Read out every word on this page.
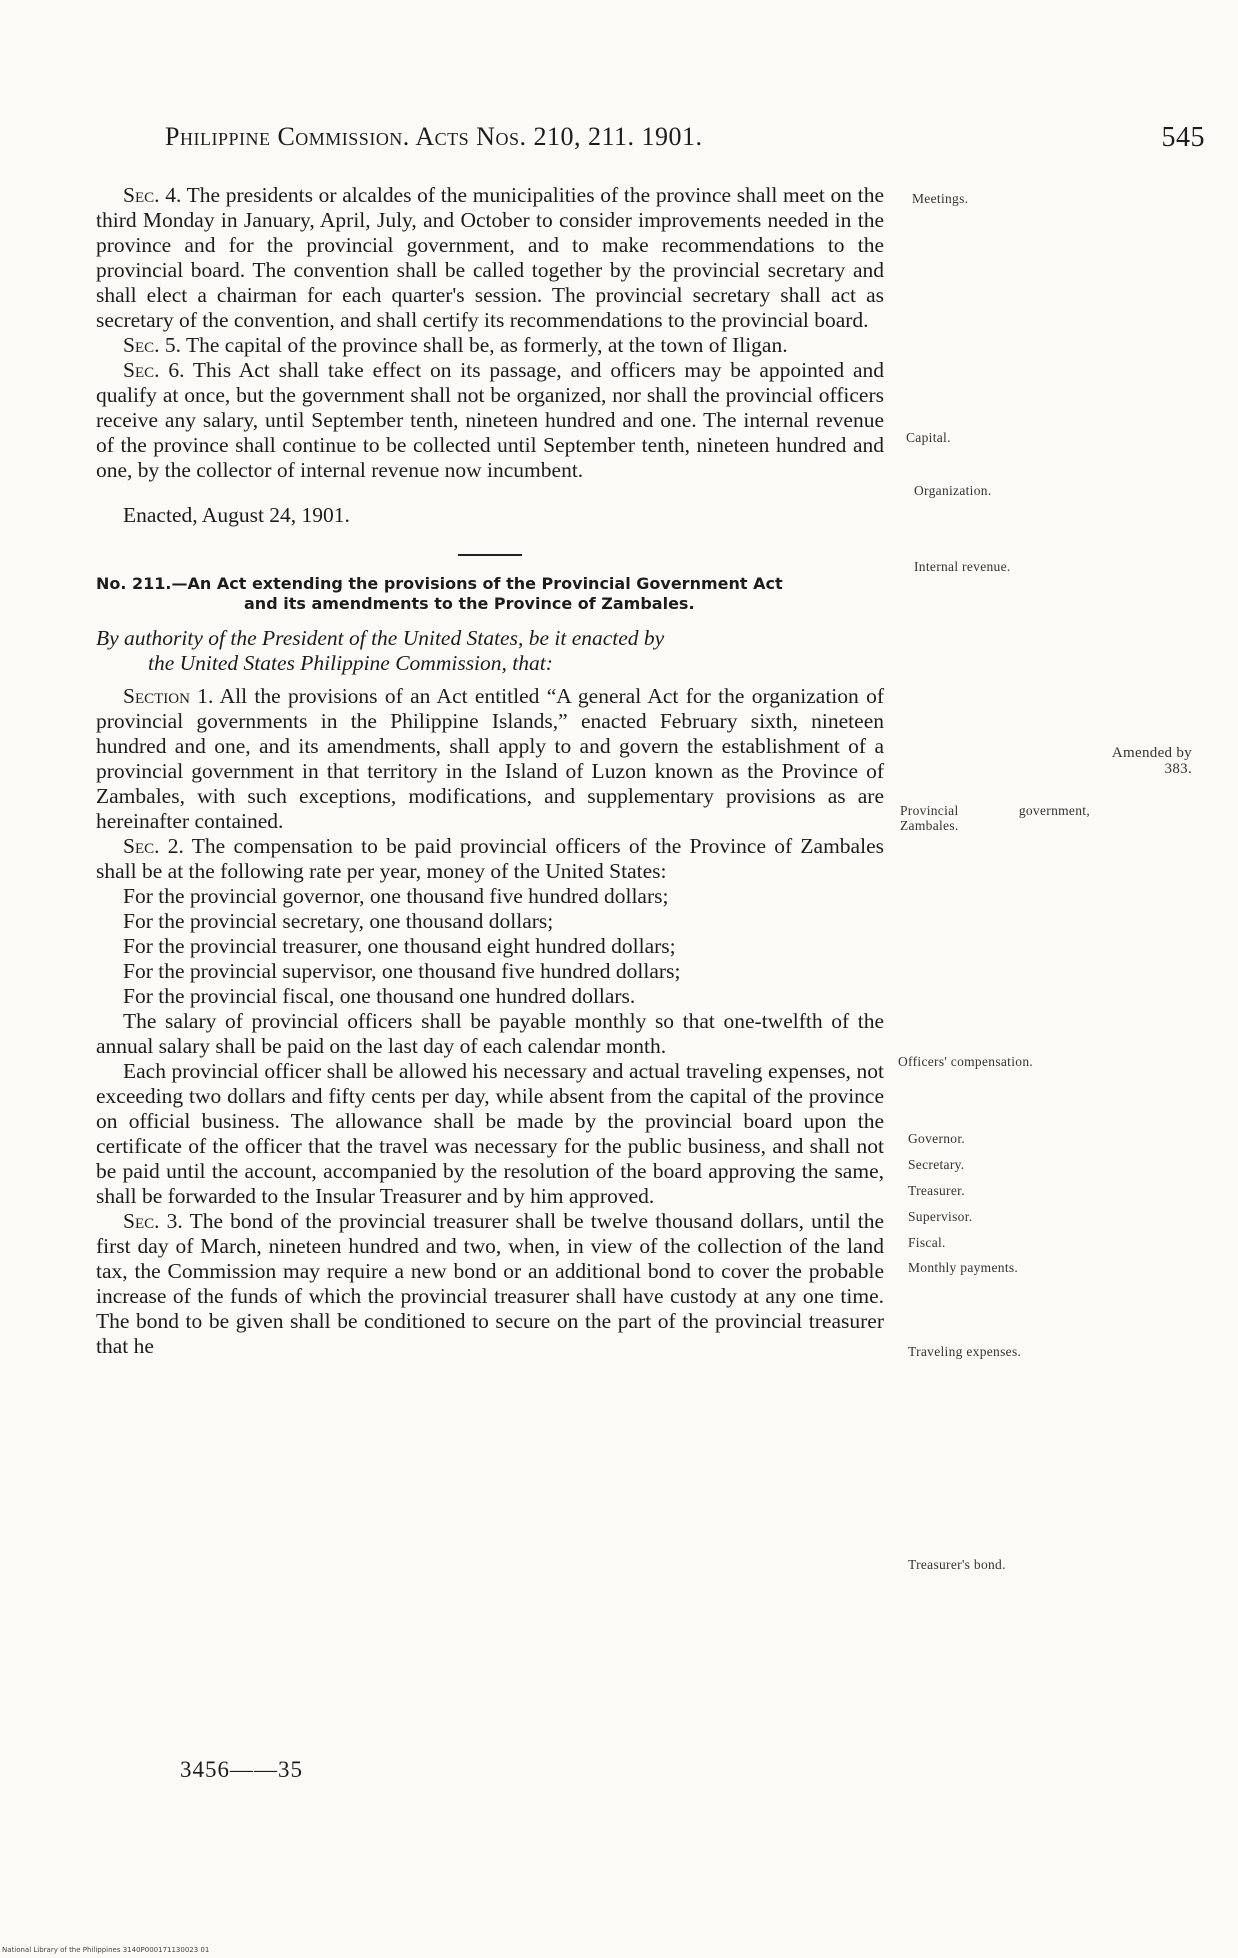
Philippine Commission. Acts Nos. 210, 211. 1901.	545

Sec. 4. The presidents or alcaldes of the municipalities of the province shall meet on the third Monday in January, April, July, and October to consider improvements needed in the province and for the provincial government, and to make recommendations to the provincial board. The convention shall be called together by the provincial secretary and shall elect a chairman for each quarter's session. The provincial secretary shall act as secretary of the convention, and shall certify its recommendations to the provincial board.

Sec. 5. The capital of the province shall be, as formerly, at the town of Iligan.

Sec. 6. This Act shall take effect on its passage, and officers may be appointed and qualify at once, but the government shall not be organized, nor shall the provincial officers receive any salary, until September tenth, nineteen hundred and one. The internal revenue of the province shall continue to be collected until September tenth, nineteen hundred and one, by the collector of internal revenue now incumbent.

Enacted, August 24, 1901.

No. 211.—An Act extending the provisions of the Provincial Government Act
and its amendments to the Province of Zambales.

By authority of the President of the United States, be it enacted by
the United States Philippine Commission, that:

Section 1. All the provisions of an Act entitled “A general Act for the organization of provincial governments in the Philippine Islands,” enacted February sixth, nineteen hundred and one, and its amendments, shall apply to and govern the establishment of a provincial government in that territory in the Island of Luzon known as the Province of Zambales, with such exceptions, modifications, and supplementary provisions as are hereinafter contained.

Sec. 2. The compensation to be paid provincial officers of the Province of Zambales shall be at the following rate per year, money of the United States:

For the provincial governor, one thousand five hundred dollars;

For the provincial secretary, one thousand dollars;

For the provincial treasurer, one thousand eight hundred dollars;

For the provincial supervisor, one thousand five hundred dollars;

For the provincial fiscal, one thousand one hundred dollars.

The salary of provincial officers shall be payable monthly so that one-twelfth of the annual salary shall be paid on the last day of each calendar month.

Each provincial officer shall be allowed his necessary and actual traveling expenses, not exceeding two dollars and fifty cents per day, while absent from the capital of the province on official business. The allowance shall be made by the provincial board upon the certificate of the officer that the travel was necessary for the public business, and shall not be paid until the account, accompanied by the resolution of the board approving the same, shall be forwarded to the Insular Treasurer and by him approved.

Sec. 3. The bond of the provincial treasurer shall be twelve thousand dollars, until the first day of March, nineteen hundred and two, when, in view of the collection of the land tax, the Commission may require a new bond or an additional bond to cover the probable increase of the funds of which the provincial treasurer shall have custody at any one time. The bond to be given shall be conditioned to secure on the part of the provincial treasurer that he

Meetings.
Capital.
Organization.
Internal revenue.
Amended by 383.
Provincial government, Zambales.
Officers' compensation.
Governor.
Secretary.
Treasurer.
Supervisor.
Fiscal.
Monthly payments.
Traveling expenses.
Treasurer's bond.
3456——35
National Library of the Philippines 3140P000171130023 01
